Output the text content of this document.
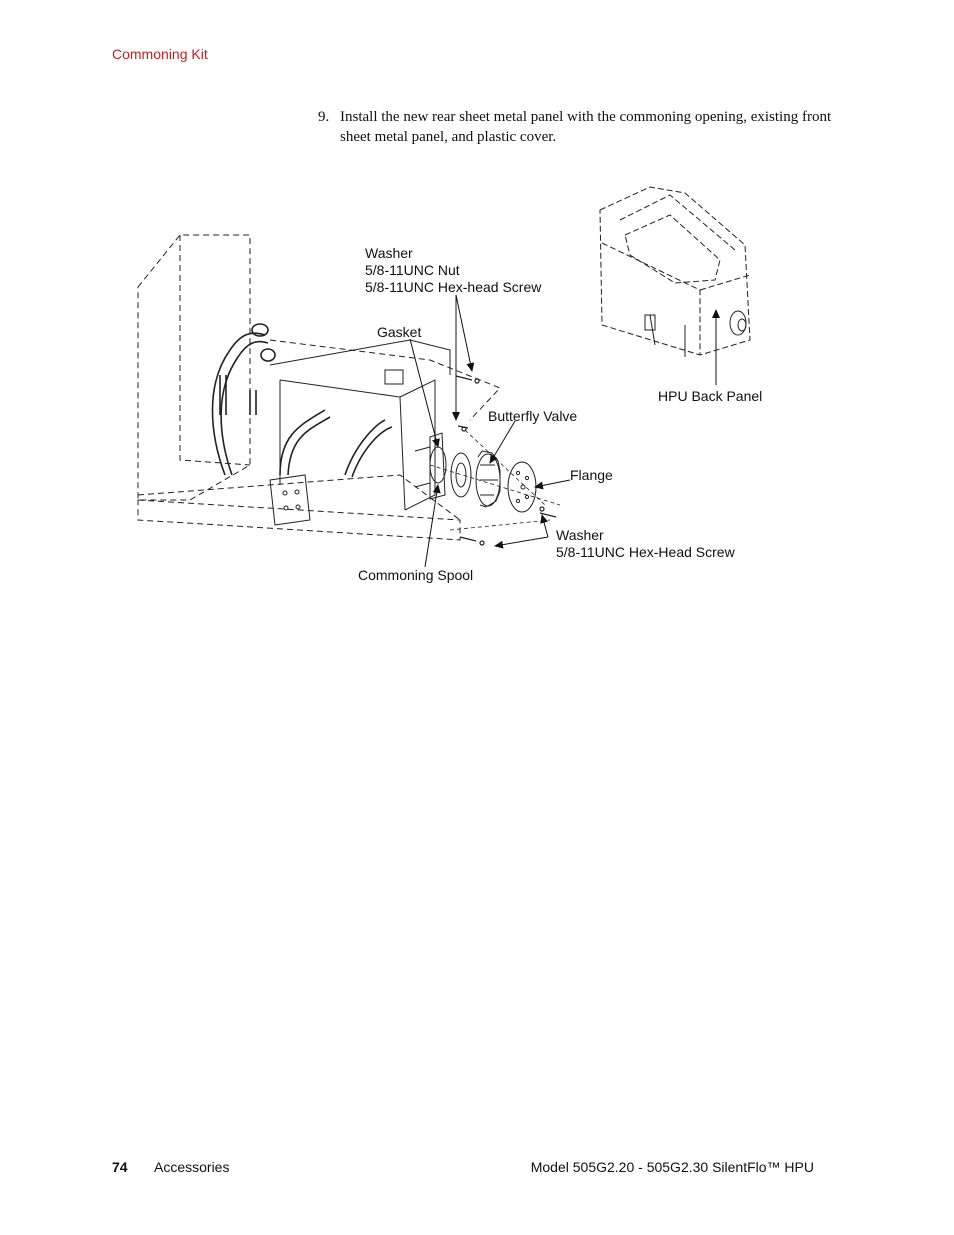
Commoning Kit
9. Install the new rear sheet metal panel with the commoning opening, existing front sheet metal panel, and plastic cover.
Washer
5/8-11UNC Nut
5/8-11UNC Hex-head Screw
Gasket
Butterfly Valve
HPU Back Panel
Flange
Washer
5/8-11UNC Hex-Head Screw
Commoning Spool
74 Accessories	Model 505G2.20 - 505G2.30 SilentFlo™ HPU
